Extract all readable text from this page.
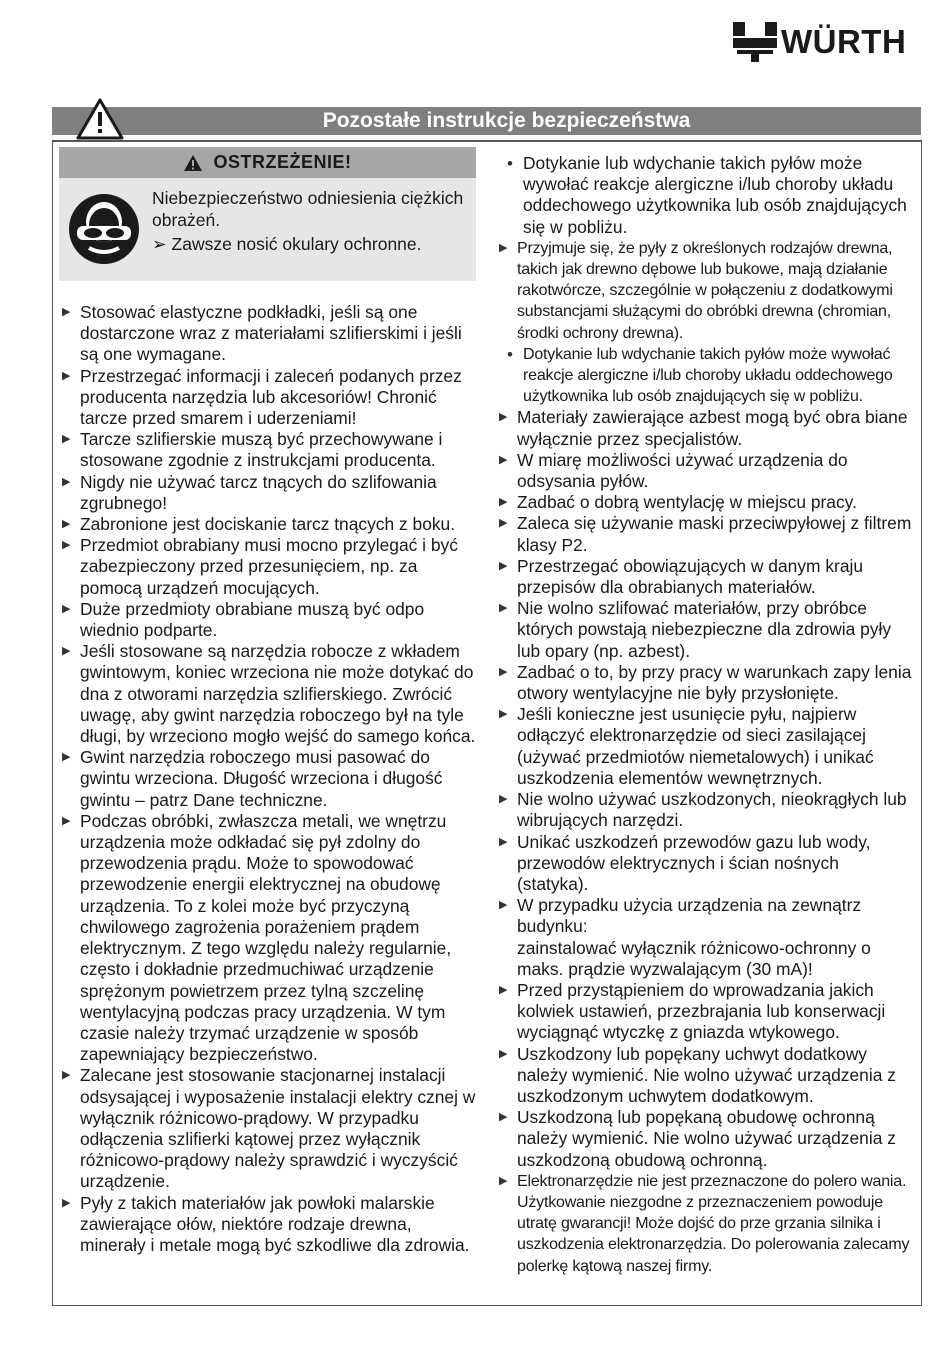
WÜRTH
Pozostałe instrukcje bezpieczeństwa
OSTRZEŻENIE!
Niebezpieczeństwo odniesienia ciężkich obrażeń.
➢ Zawsze nosić okulary ochronne.
▶ Stosować elastyczne podkładki, jeśli są one dostarczone wraz z materiałami szlifierskimi i jeśli są one wymagane.
▶ Przestrzegać informacji i zaleceń podanych przez producenta narzędzia lub akcesoriów! Chronić tarcze przed smarem i uderzeniami!
▶ Tarcze szlifierskie muszą być przechowywane i stosowane zgodnie z instrukcjami producenta.
▶ Nigdy nie używać tarcz tnących do szlifowania zgrubnego!
▶ Zabronione jest dociskanie tarcz tnących z boku.
▶ Przedmiot obrabiany musi mocno przylegać i być zabezpieczony przed przesunięciem, np. za pomocą urządzeń mocujących.
▶ Duże przedmioty obrabiane muszą być odpo wiednio podparte.
▶ Jeśli stosowane są narzędzia robocze z wkładem gwintowym, koniec wrzeciona nie może dotykać do dna z otworami narzędzia szlifierskiego. Zwrócić uwagę, aby gwint narzędzia roboczego był na tyle długi, by wrzeciono mogło wejść do samego końca.
▶ Gwint narzędzia roboczego musi pasować do gwintu wrzeciona. Długość wrzeciona i długość gwintu – patrz Dane techniczne.
▶ Podczas obróbki, zwłaszcza metali, we wnętrzu urządzenia może odkładać się pył zdolny do przewodzenia prądu. Może to spowodować przewodzenie energii elektrycznej na obudowę urządzenia. To z kolei może być przyczyną chwilowego zagrożenia porażeniem prądem elektrycznym. Z tego względu należy regularnie, często i dokładnie przedmuchiwać urządzenie sprężonym powietrzem przez tylną szczelinę wentylacyjną podczas pracy urządzenia. W tym czasie należy trzymać urządzenie w sposób zapewniający bezpieczeństwo.
▶ Zalecane jest stosowanie stacjonarnej instalacji odsysającej i wyposażenie instalacji elektry cznej w wyłącznik różnicowo-prądowy. W przypadku odłączenia szlifierki kątowej przez wyłącznik różnicowo-prądowy należy sprawdzić i wyczyścić urządzenie.
▶ Pyły z takich materiałów jak powłoki malarskie zawierające ołów, niektóre rodzaje drewna, minerały i metale mogą być szkodliwe dla zdrowia.
• Dotykanie lub wdychanie takich pyłów może wywołać reakcje alergiczne i/lub choroby układu oddechowego użytkownika lub osób znajdujących się w pobliżu.
▶ Przyjmuje się, że pyły z określonych rodzajów drewna, takich jak drewno dębowe lub bukowe, mają działanie rakotwórcze, szczególnie w połączeniu z dodatkowymi substancjami służącymi do obróbki drewna (chromian, środki ochrony drewna).
• Dotykanie lub wdychanie takich pyłów może wywołać reakcje alergiczne i/lub choroby układu oddechowego użytkownika lub osób znajdujących się w pobliżu.
▶ Materiały zawierające azbest mogą być obra biane wyłącznie przez specjalistów.
▶ W miarę możliwości używać urządzenia do odsysania pyłów.
▶ Zadbać o dobrą wentylację w miejscu pracy.
▶ Zaleca się używanie maski przeciwpyłowej z filtrem klasy P2.
▶ Przestrzegać obowiązujących w danym kraju przepisów dla obrabianych materiałów.
▶ Nie wolno szlifować materiałów, przy obróbce których powstają niebezpieczne dla zdrowia pyły lub opary (np. azbest).
▶ Zadbać o to, by przy pracy w warunkach zapy lenia otwory wentylacyjne nie były przysłonięte.
▶ Jeśli konieczne jest usunięcie pyłu, najpierw odłączyć elektronarzędzie od sieci zasilającej (używać przedmiotów niemetalowych) i unikać uszkodzenia elementów wewnętrznych.
▶ Nie wolno używać uszkodzonych, nieokrągłych lub wibrujących narzędzi.
▶ Unikać uszkodzeń przewodów gazu lub wody, przewodów elektrycznych i ścian nośnych (statyka).
▶ W przypadku użycia urządzenia na zewnątrz budynku:
zainstalować wyłącznik różnicowo-ochronny o maks. prądzie wyzwalającym (30 mA)!
▶ Przed przystąpieniem do wprowadzania jakich kolwiek ustawień, przezbrajania lub konserwacji wyciągnąć wtyczkę z gniazda wtykowego.
▶ Uszkodzony lub popękany uchwyt dodatkowy należy wymienić. Nie wolno używać urządzenia z uszkodzonym uchwytem dodatkowym.
▶ Uszkodzoną lub popękaną obudowę ochronną należy wymienić. Nie wolno używać urządzenia z uszkodzoną obudową ochronną.
▶ Elektronarzędzie nie jest przeznaczone do polero wania. Użytkowanie niezgodne z przeznaczeniem powoduje utratę gwarancji! Może dojść do prze grzania silnika i uszkodzenia elektronarzędzia. Do polerowania zalecamy polerkę kątową naszej firmy.
